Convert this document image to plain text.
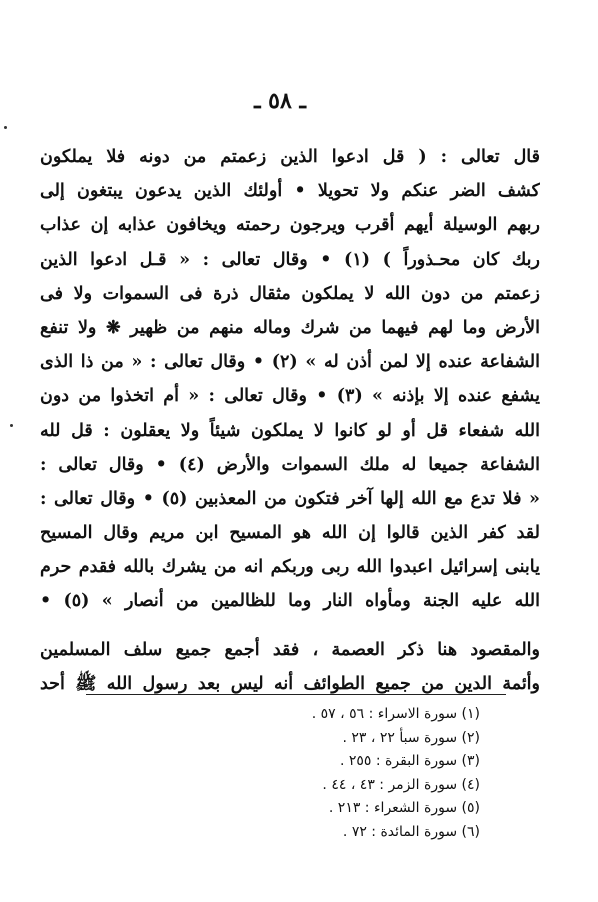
ـ ٥٨ ـ
قال تعالى : ( قل ادعوا الذين زعمتم من دونه فلا يملكون
كشف الضر عنكم ولا تحويلا • أولئك الذين يدعون يبتغون إلى
ربهم الوسيلة أيهم أقرب ويرجون رحمته ويخافون عذابه إن عذاب
ربك كان محـذوراً ) (١) • وقال تعالى : « قـل ادعوا الذين
زعمتم من دون الله لا يملكون مثقال ذرة فى السموات ولا فى
الأرض وما لهم فيهما من شرك وماله منهم من ظهير ❋ ولا تنفع
الشفاعة عنده إلا لمن أذن له » (٢) • وقال تعالى : « من ذا الذى
يشفع عنده إلا بإذنه » (٣) • وقال تعالى : « أم اتخذوا من دون
الله شفعاء قل أو لو كانوا لا يملكون شيئاً ولا يعقلون : قل لله
الشفاعة جميعا له ملك السموات والأرض (٤) • وقال تعالى :
« فلا تدع مع الله إلها آخر فتكون من المعذبين (٥) • وقال تعالى :
لقد كفر الذين قالوا إن الله هو المسيح ابن مريم وقال المسيح
يابنى إسرائيل اعبدوا الله ربى وربكم انه من يشرك بالله فقدم حرم
الله عليه الجنة ومأواه النار وما للظالمين من أنصار » (٥) •
والمقصود هنا ذكر العصمة ، فقد أجمع جميع سلف المسلمين
وأئمة الدين من جميع الطوائف أنه ليس بعد رسول الله ﷺ أحد
(١) سورة الاسراء : ٥٦ ، ٥٧ .
(٢) سورة سبأ ٢٢ ، ٢٣ .
(٣) سورة البقرة : ٢٥٥ .
(٤) سورة الزمر : ٤٣ ، ٤٤ .
(٥) سورة الشعراء : ٢١٣ .
(٦) سورة المائدة : ٧٢ .
